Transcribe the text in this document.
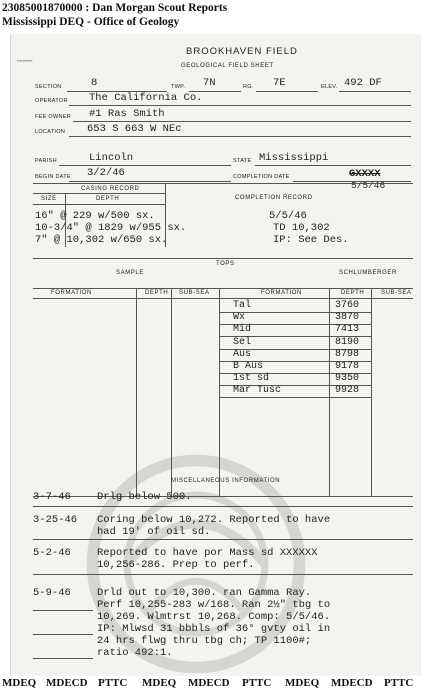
23085001870000 : Dan Morgan Scout Reports
Mississippi DEQ - Office of Geology
▪▪▪▪▪▪▪▪▪▪▪
BROOKHAVEN FIELD
GEOLOGICAL FIELD SHEET
SECTION	8	TWP. 7N	RG. 7E	ELEV. 492 DF
OPERATOR The California Co.
FEE OWNER #1 Ras Smith
LOCATION 653 S 663 W NEc
PARISH	Lincoln	STATE Mississippi
BEGIN DATE 3/2/46	COMPLETION DATE	GXXXX
5/5/46
CASING RECORD
SIZE	DEPTH	COMPLETION RECORD
16" @ 229 w/500 sx.
10-3/4" @ 1829 w/955 sx.
7" @ 10,302 w/650 sx.
5/5/46
TD 10,302
IP: See Des.
TOPS
SAMPLE	SCHLUMBERGER
FORMATION	DEPTH SUB-SEA	FORMATION	DEPTH	SUB-SEA
Tal	3760
Wx	3870
Mid	7413
Sel	8190
Aus	8798
B Aus	9178
1st sd	9350
Mar Tusc	9928
MISCELLANEOUS INFORMATION
3-7-46 Drlg below 500.
3-25-46 Coring below 10,272. Reported to have
had 19' of oil sd.
5-2-46 Reported to have por Mass sd XXXXXX
10,256-286. Prep to perf.
5-9-46 Drld out to 10,300. ran Gamma Ray.
Perf 10,255-283 w/168. Ran 2½" tbg to
10,269. Wlmtrst 10,268. Comp: 5/5/46.
IP: Mlwsd 31 bbbls of 36° gvty oil in
24 hrs flwg thru tbg ch; TP 1100#;
ratio 492:1.
MDEQ MDECD PTTC MDEQ MDECD PTTC MDEQ MDECD PTTC
